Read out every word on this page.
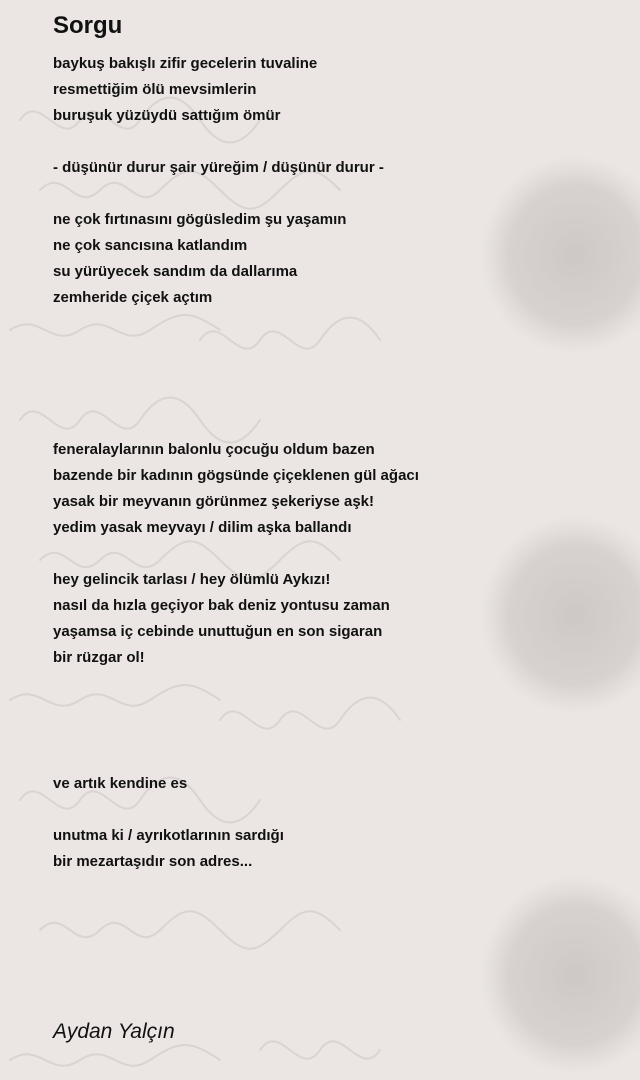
Sorgu
baykuş bakışlı zifir gecelerin tuvaline
resmettiğim ölü mevsimlerin
buruşuk yüzüydü sattığım ömür
- düşünür durur şair yüreğim / düşünür durur -
ne çok fırtınasını gögüsledim şu yaşamın
ne çok sancısına katlandım
su yürüyecek sandım da dallarıma
zemheride çiçek açtım
feneralaylarının balonlu çocuğu oldum bazen
bazende bir kadının gögsünde çiçeklenen gül ağacı
yasak bir meyvanın görünmez şekeriyse aşk!
yedim yasak meyvayı / dilim aşka ballandı
hey gelincik tarlası / hey ölümlü Aykızı!
nasıl da hızla geçiyor bak deniz yontusu zaman
yaşamsa iç cebinde unuttuğun en son sigaran
bir rüzgar ol!
ve artık kendine es
unutma ki / ayrıkotlarının sardığı
bir mezartaşıdır son adres...

Aydan Yalçın
